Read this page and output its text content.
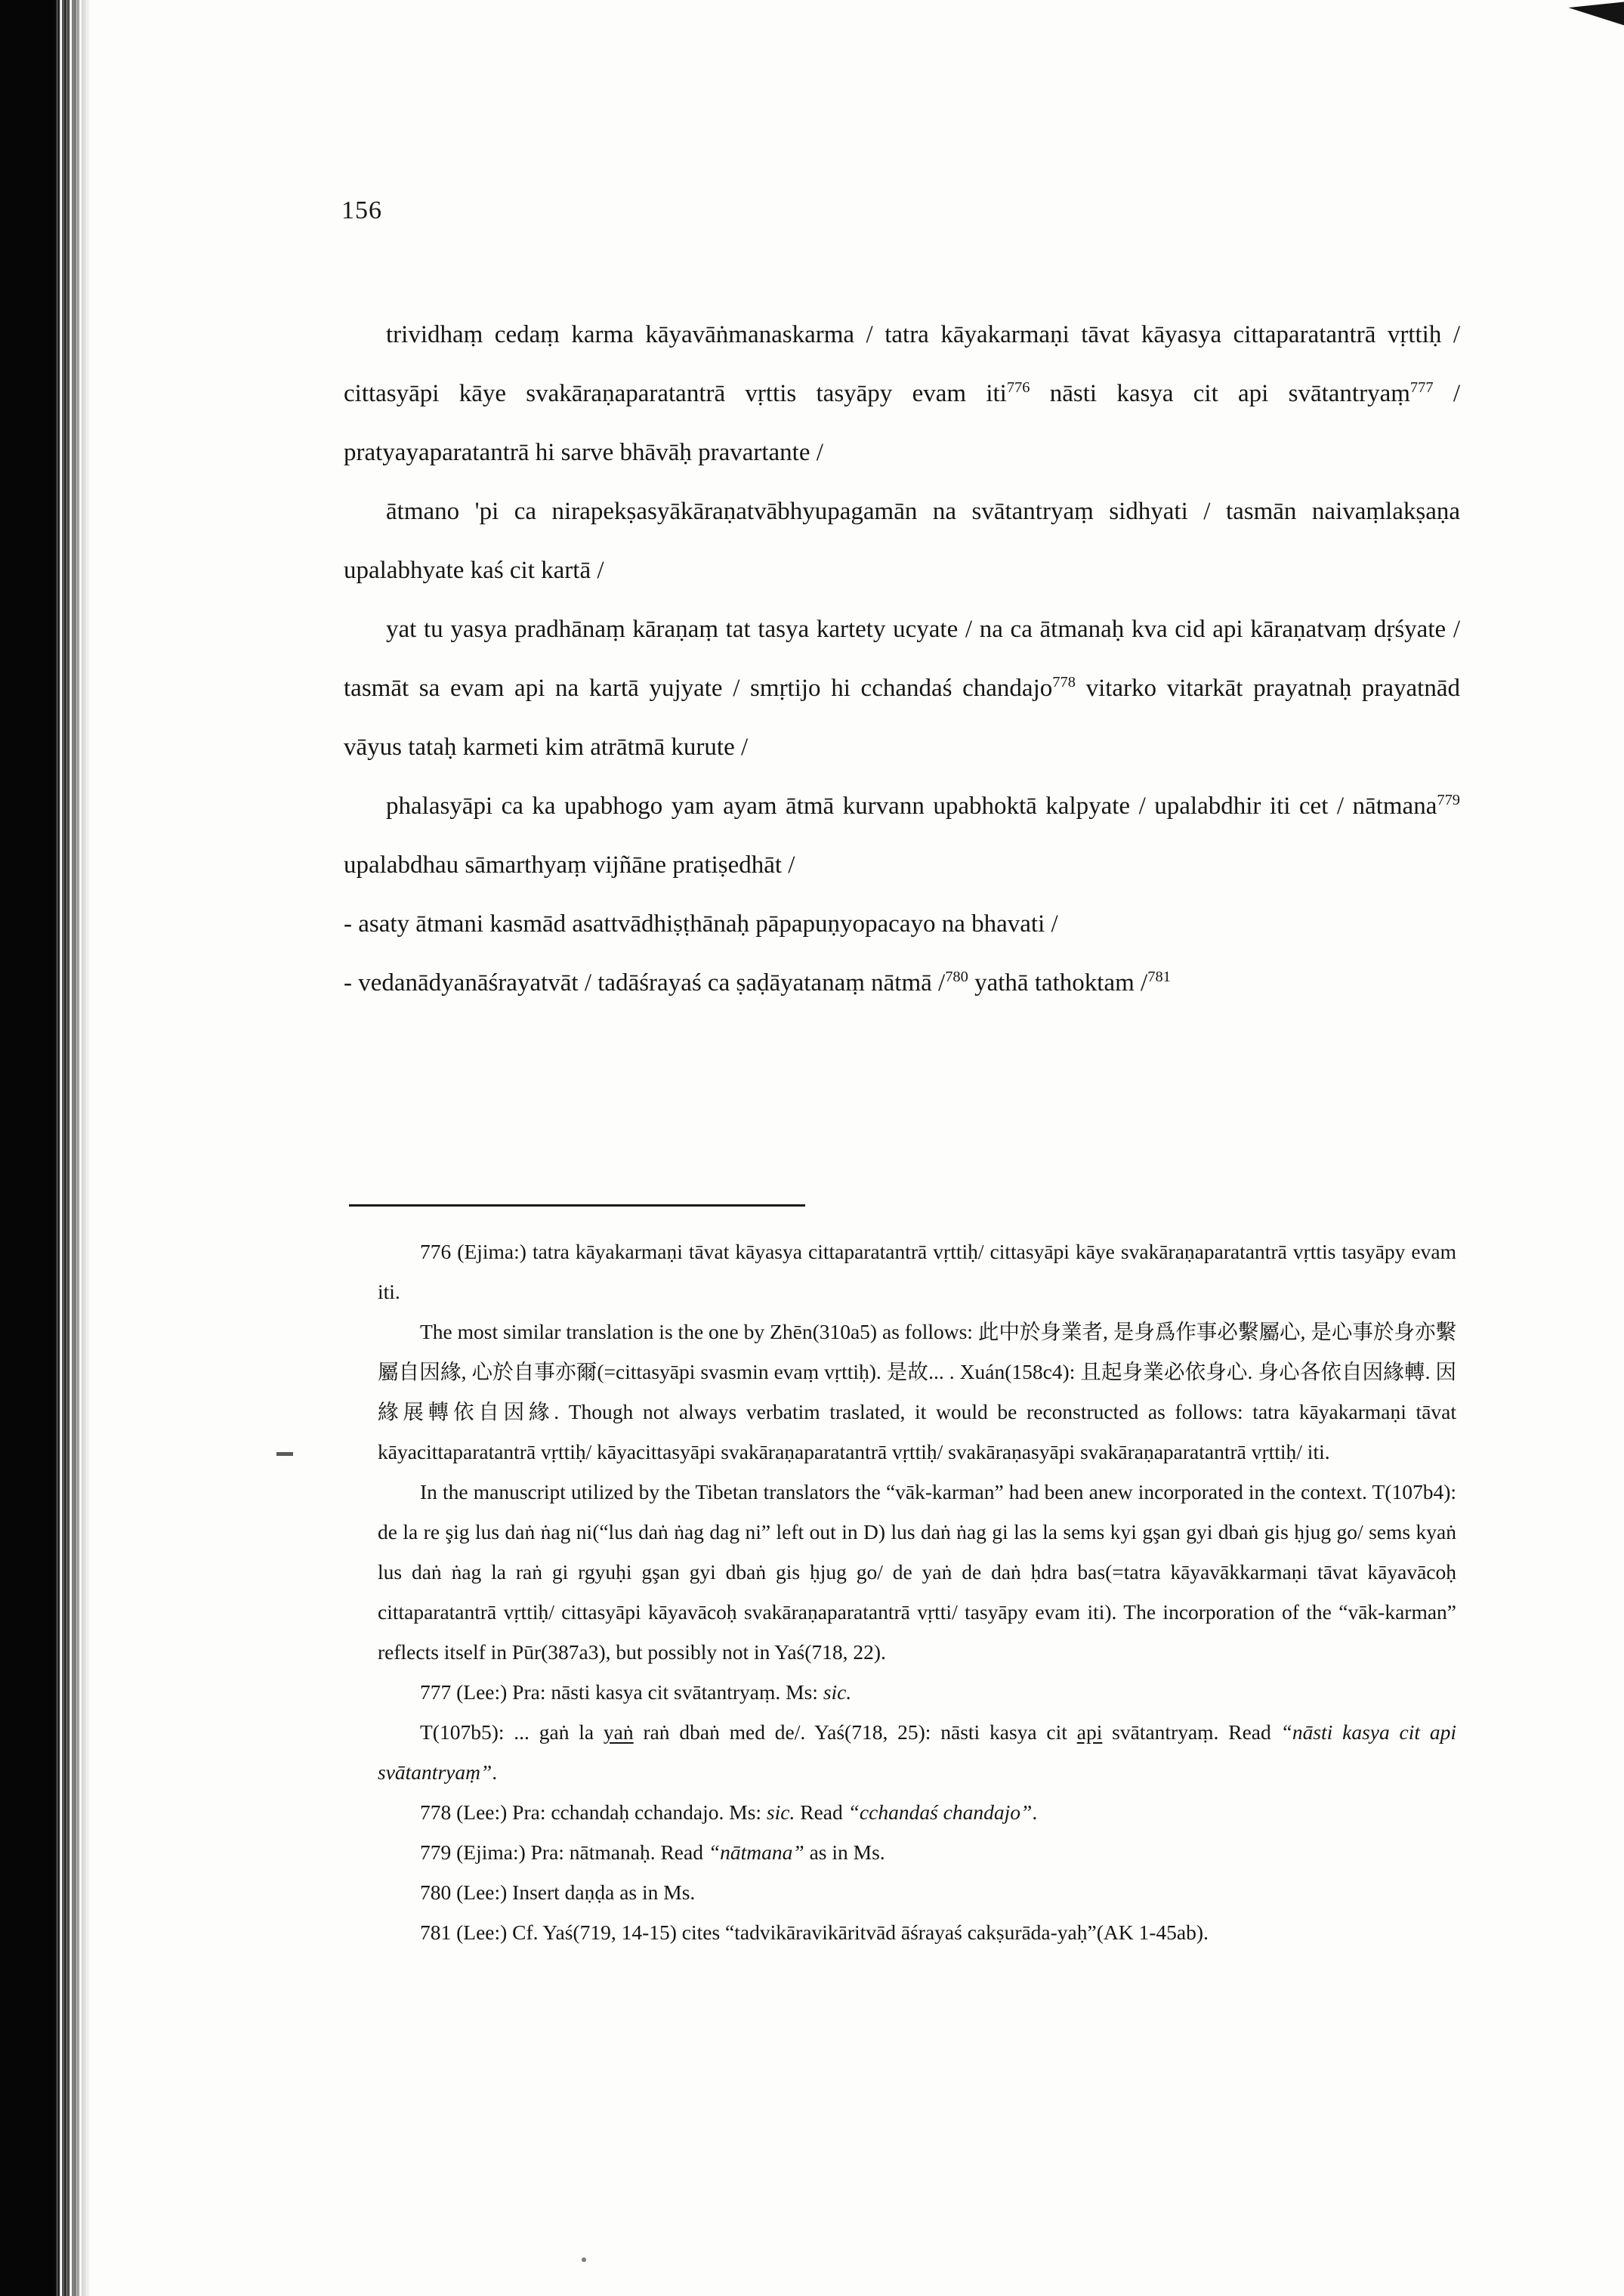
156

trividhaṃ cedaṃ karma kāyavāṅmanaskarma / tatra kāyakarmaṇi tāvat kāyasya cittaparatantrā vṛttiḥ / cittasyāpi kāye svakāraṇaparatantrā vṛttis tasyāpy evam iti$^{776}$ nāsti kasya cit api svātantryaṃ$^{777}$ / pratyayaparatantrā hi sarve bhāvāḥ pravartante /

ātmano 'pi ca nirapekṣasyākāraṇatvābhyupagamān na svātantryaṃ sidhyati / tasmān naivaṃlakṣaṇa upalabhyate kaś cit kartā /

yat tu yasya pradhānaṃ kāraṇaṃ tat tasya kartety ucyate / na ca ātmanaḥ kva cid api kāraṇatvaṃ dṛśyate / tasmāt sa evam api na kartā yujyate / smṛtijo hi cchandaś chandajo$^{778}$ vitarko vitarkāt prayatnaḥ prayatnād vāyus tataḥ karmeti kim atrātmā kurute /

phalasyāpi ca ka upabhogo yam ayam ātmā kurvann upabhoktā kalpyate / upalabdhir iti cet / nātmana$^{779}$ upalabdhau sāmarthyaṃ vijñāne pratiṣedhāt /

- asaty ātmani kasmād asattvādhiṣṭhānaḥ pāpapuṇyopacayo na bhavati /

- vedanādyanāśrayatvāt / tadāśrayaś ca ṣaḍāyatanaṃ nātmā /$^{780}$ yathā tathoktam /$^{781}$

776 (Ejima:) tatra kāyakarmaṇi tāvat kāyasya cittaparatantrā vṛttiḥ/ cittasyāpi kāye svakāraṇaparatantrā vṛttis tasyāpy evam iti.

The most similar translation is the one by Zhēn(310a5) as follows: 此中於身業者, 是身爲作事必繫屬心, 是心事於身亦繫屬自因緣, 心於自事亦爾(=cittasyāpi svasmin evaṃ vṛttiḥ). 是故... . Xuán(158c4): 且起身業必依身心. 身心各依自因緣轉. 因緣展轉依自因緣. Though not always verbatim traslated, it would be reconstructed as follows: tatra kāyakarmaṇi tāvat kāyacittaparatantrā vṛttiḥ/ kāyacittasyāpi svakāraṇaparatantrā vṛttiḥ/ svakāraṇasyāpi svakāraṇaparatantrā vṛttiḥ/ iti.

In the manuscript utilized by the Tibetan translators the “vāk-karman” had been anew incorporated in the context. T(107b4): de la re şig lus daṅ ṅag ni(“lus daṅ ṅag dag ni” left out in D) lus daṅ ṅag gi las la sems kyi gşan gyi dbaṅ gis ḥjug go/ sems kyaṅ lus daṅ ṅag la raṅ gi rgyuḥi gşan gyi dbaṅ gis ḥjug go/ de yaṅ de daṅ ḥdra bas(=tatra kāyavākkarmaṇi tāvat kāyavācoḥ cittaparatantrā vṛttiḥ/ cittasyāpi kāyavācoḥ svakāraṇaparatantrā vṛtti/ tasyāpy evam iti). The incorporation of the “vāk-karman” reflects itself in Pūr(387a3), but possibly not in Yaś(718, 22).

777 (Lee:) Pra: nāsti kasya cit svātantryaṃ. Ms: sic.

T(107b5): ... gaṅ la yaṅ raṅ dbaṅ med de/. Yaś(718, 25): nāsti kasya cit api svātantryaṃ. Read “nāsti kasya cit api svātantryaṃ”.

778 (Lee:) Pra: cchandaḥ cchandajo. Ms: sic. Read “cchandaś chandajo”.

779 (Ejima:) Pra: nātmanaḥ. Read “nātmana” as in Ms.

780 (Lee:) Insert daṇḍa as in Ms.

781 (Lee:) Cf. Yaś(719, 14-15) cites “tadvikāravikāritvād āśrayaś cakṣurāda-yaḥ”(AK 1-45ab).
